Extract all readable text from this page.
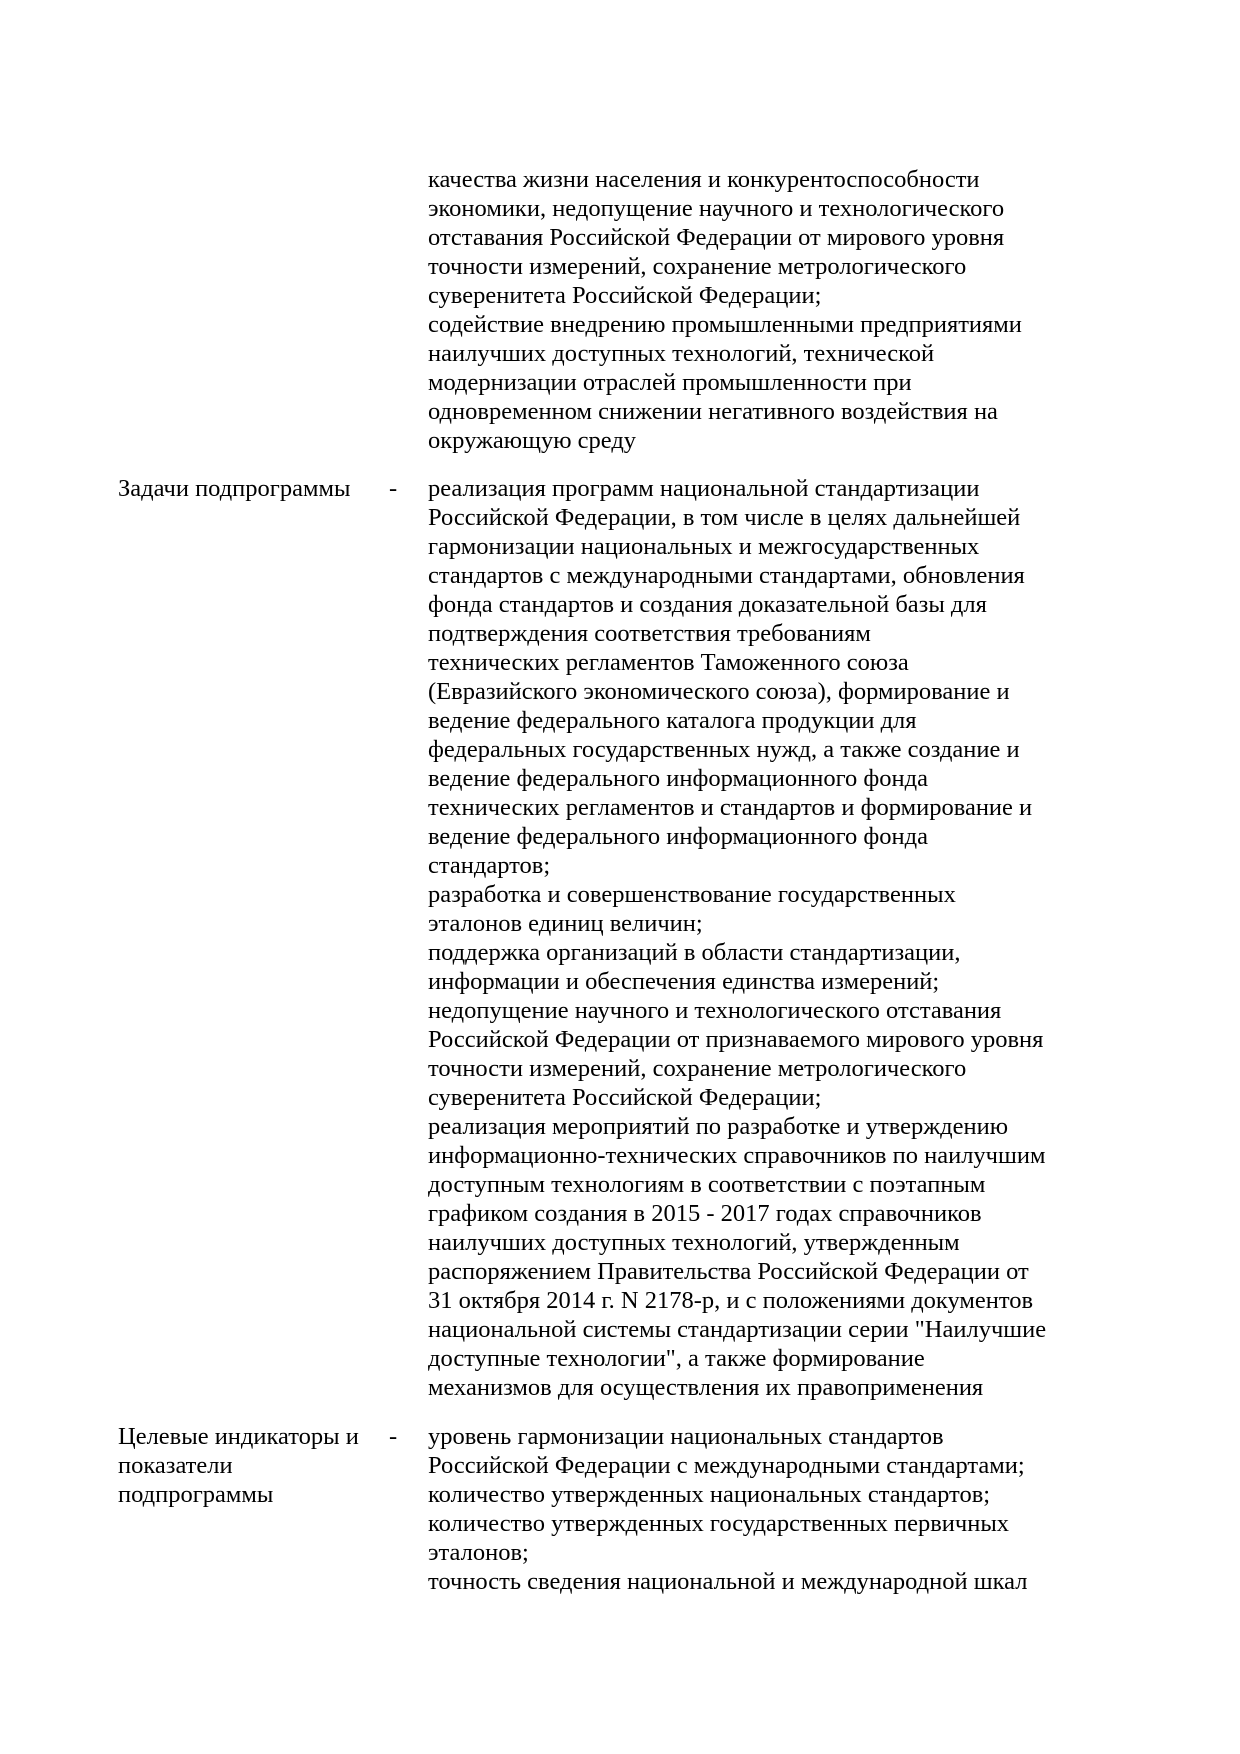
качества жизни населения и конкурентоспособности
экономики, недопущение научного и технологического
отставания Российской Федерации от мирового уровня
точности измерений, сохранение метрологического
суверенитета Российской Федерации;
содействие внедрению промышленными предприятиями
наилучших доступных технологий, технической
модернизации отраслей промышленности при
одновременном снижении негативного воздействия на
окружающую среду
Задачи подпрограммы	- реализация программ национальной стандартизации
Российской Федерации, в том числе в целях дальнейшей
гармонизации национальных и межгосударственных
стандартов с международными стандартами, обновления
фонда стандартов и создания доказательной базы для
подтверждения соответствия требованиям
технических регламентов Таможенного союза
(Евразийского экономического союза), формирование и
ведение федерального каталога продукции для
федеральных государственных нужд, а также создание и
ведение федерального информационного фонда
технических регламентов и стандартов и формирование и
ведение федерального информационного фонда
стандартов;
разработка и совершенствование государственных
эталонов единиц величин;
поддержка организаций в области стандартизации,
информации и обеспечения единства измерений;
недопущение научного и технологического отставания
Российской Федерации от признаваемого мирового уровня
точности измерений, сохранение метрологического
суверенитета Российской Федерации;
реализация мероприятий по разработке и утверждению
информационно-технических справочников по наилучшим
доступным технологиям в соответствии с поэтапным
графиком создания в 2015 - 2017 годах справочников
наилучших доступных технологий, утвержденным
распоряжением Правительства Российской Федерации от
31 октября 2014 г. N 2178-р, и с положениями документов
национальной системы стандартизации серии "Наилучшие
доступные технологии", а также формирование
механизмов для осуществления их правоприменения
Целевые индикаторы и
показатели
подпрограммы
- уровень гармонизации национальных стандартов
Российской Федерации с международными стандартами;
количество утвержденных национальных стандартов;
количество утвержденных государственных первичных
эталонов;
точность сведения национальной и международной шкал
